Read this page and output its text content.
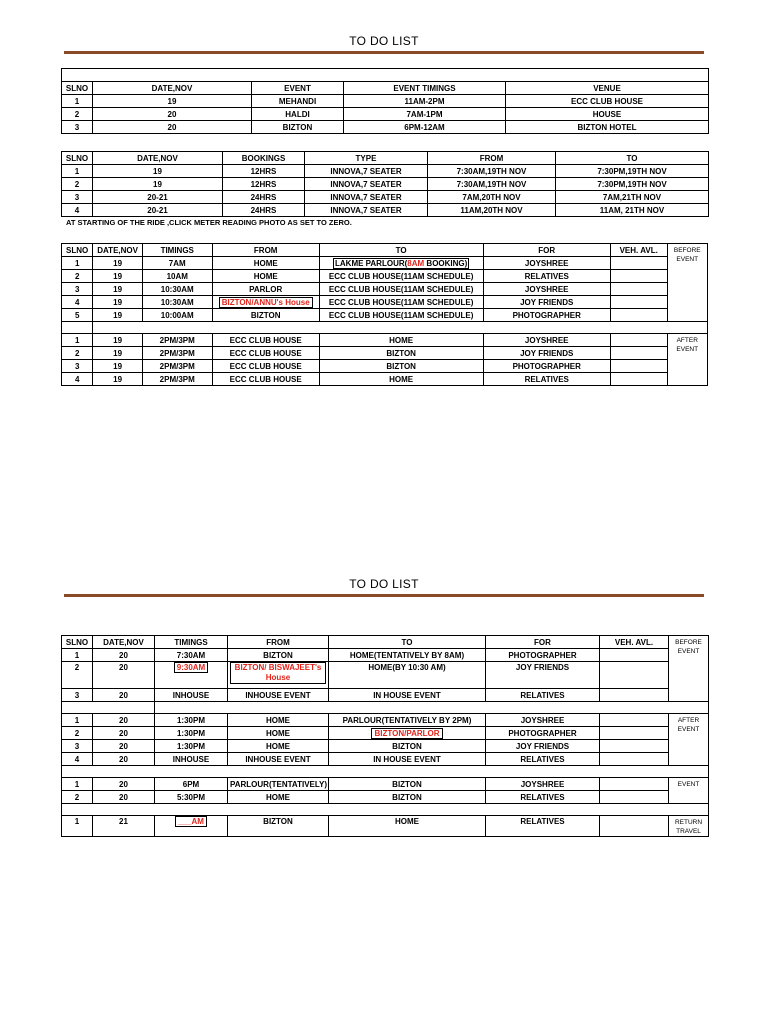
TO DO LIST

SLNO	DATE,NOV	EVENT	EVENT TIMINGS	VENUE
1	19	MEHANDI	11AM-2PM	ECC CLUB HOUSE
2	20	HALDI	7AM-1PM	HOUSE
3	20	BIZTON	6PM-12AM	BIZTON HOTEL
SLNO	DATE,NOV	BOOKINGS	TYPE	FROM	TO
1	19	12HRS	INNOVA,7 SEATER	7:30AM,19TH NOV	7:30PM,19TH NOV
2	19	12HRS	INNOVA,7 SEATER	7:30AM,19TH NOV	7:30PM,19TH NOV
3	20-21	24HRS	INNOVA,7 SEATER	7AM,20TH NOV	7AM,21TH NOV
4	20-21	24HRS	INNOVA,7 SEATER	11AM,20TH NOV	11AM, 21TH NOV
AT STARTING OF THE RIDE ,CLICK METER READING PHOTO AS SET TO ZERO.
SLNO	DATE,NOV	TIMINGS	FROM	TO	FOR	VEH. AVL.	BEFORE EVENT
1	19	7AM	HOME	LAKME PARLOUR(8AM BOOKING)	JOYSHREE		
2	19	10AM	HOME	ECC CLUB HOUSE(11AM SCHEDULE)	RELATIVES		
3	19	10:30AM	PARLOR	ECC CLUB HOUSE(11AM SCHEDULE)	JOYSHREE		
4	19	10:30AM	BIZTON/ANNU's House	ECC CLUB HOUSE(11AM SCHEDULE)	JOY FRIENDS		
5	19	10:00AM	BIZTON	ECC CLUB HOUSE(11AM SCHEDULE)	PHOTOGRAPHER		

1	19	2PM/3PM	ECC CLUB HOUSE	HOME	JOYSHREE		AFTER EVENT
2	19	2PM/3PM	ECC CLUB HOUSE	BIZTON	JOY FRIENDS		
3	19	2PM/3PM	ECC CLUB HOUSE	BIZTON	PHOTOGRAPHER		
4	19	2PM/3PM	ECC CLUB HOUSE	HOME	RELATIVES		
TO DO LIST
SLNO	DATE,NOV	TIMINGS	FROM	TO	FOR	VEH. AVL.	BEFORE EVENT
1	20	7:30AM	BIZTON	HOME(TENTATIVELY BY 8AM)	PHOTOGRAPHER		
2	20	9:30AM	BIZTON/ BISWAJEET's House	HOME(BY 10:30 AM)	JOY FRIENDS		
3	20	INHOUSE	INHOUSE EVENT	IN HOUSE EVENT	RELATIVES		

1	20	1:30PM	HOME	PARLOUR(TENTATIVELY BY 2PM)	JOYSHREE		AFTER EVENT
2	20	1:30PM	HOME	BIZTON/PARLOR	PHOTOGRAPHER		
3	20	1:30PM	HOME	BIZTON	JOY FRIENDS		
4	20	INHOUSE	INHOUSE EVENT	IN HOUSE EVENT	RELATIVES		

1	20	6PM	PARLOUR(TENTATIVELY)	BIZTON	JOYSHREE		EVENT
2	20	5:30PM	HOME	BIZTON	RELATIVES		

1	21	___AM	BIZTON	HOME	RELATIVES		RETURN TRAVEL
